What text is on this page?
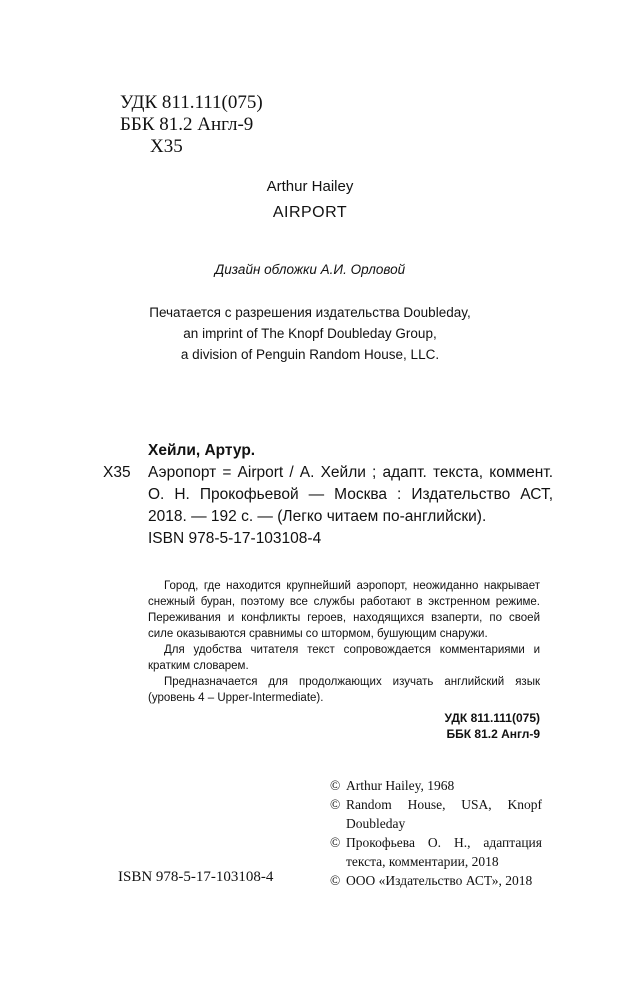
УДК 811.111(075)
ББК 81.2 Англ-9
Х35
Arthur Hailey
AIRPORT
Дизайн обложки А.И. Орловой
Печатается с разрешения издательства Doubleday,
an imprint of The Knopf Doubleday Group,
a division of Penguin Random House, LLC.
Хейли, Артур.
Х35	Аэропорт = Airport / А. Хейли ; адапт. текста, коммент. О. Н. Прокофьевой — Москва : Издательство АСТ, 2018. — 192 с. — (Легко читаем по-английски).
ISBN 978-5-17-103108-4

Город, где находится крупнейший аэропорт, неожиданно накрывает снежный буран, поэтому все службы работают в экстренном режиме. Переживания и конфликты героев, находящихся взаперти, по своей силе оказываются сравнимы со штормом, бушующим снаружи.

Для удобства читателя текст сопровождается комментариями и кратким словарем.

Предназначается для продолжающих изучать английский язык (уровень 4 – Upper-Intermediate).

УДК 811.111(075)
ББК 81.2 Англ-9
ISBN 978-5-17-103108-4
© Arthur Hailey, 1968
© Random House, USA, Knopf Doubleday
© Прокофьева О. Н., адаптация текста, комментарии, 2018
© ООО «Издательство АСТ», 2018
